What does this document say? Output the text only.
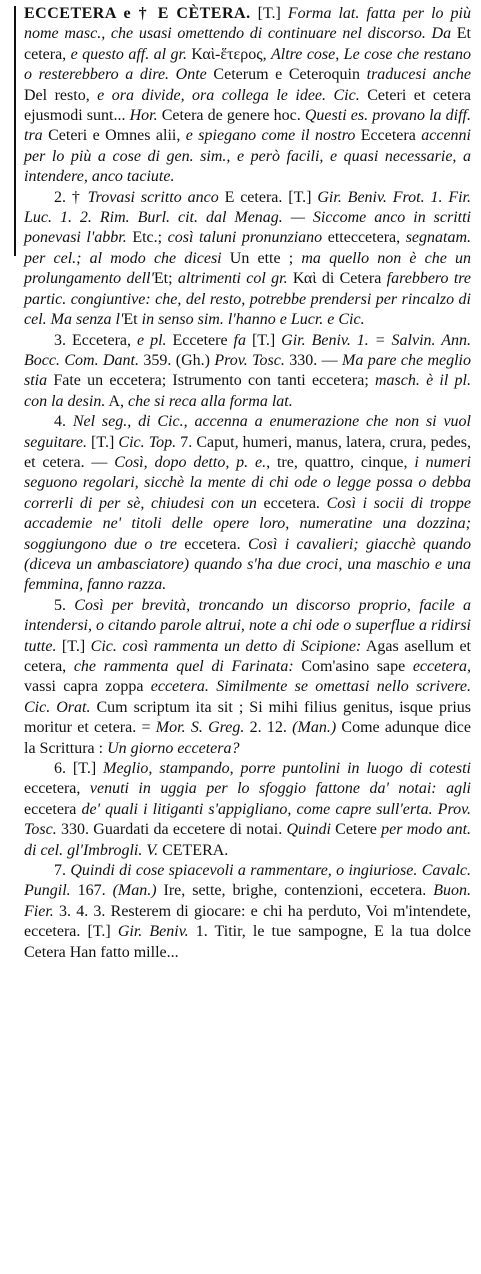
ECCETERA e † E CÈTERA. [T.] Forma lat. fatta per lo più nome masc., che usasi omettendo di continuare nel discorso. Da Et cetera, e questo aff. al gr. Καὶ-ἕτερος, Altre cose, Le cose che restano o resterebbero a dire. Onte Ceterum e Ceteroquin traducesi anche Del resto, e ora divide, ora collega le idee. Cic. Ceteri et cetera ejusmodi sunt... Hor. Cetera de genere hoc. Questi es. provano la diff. tra Ceteri e Omnes alii, e spiegano come il nostro Eccetera accenni per lo più a cose di gen. sim., e però facili, e quasi necessarie, a intendere, anco taciute.

2. † Trovasi scritto anco E cetera. [T.] Gir. Beniv. Frot. 1. Fir. Luc. 1. 2. Rim. Burl. cit. dal Menag. — Siccome anco in scritti ponevasi l'abbr. Etc.; così taluni pronunziano etteccetera, segnatam. per cel.; al modo che dicesi Un ette ; ma quello non è che un prolungamento dell'Et; altrimenti col gr. Καὶ di Cetera farebbero tre partic. congiuntive: che, del resto, potrebbe prendersi per rincalzo di cel. Ma senza l'Et in senso sim. l'hanno e Lucr. e Cic.

3. Eccetera, e pl. Eccetere fa [T.] Gir. Beniv. 1. = Salvin. Ann. Bocc. Com. Dant. 359. (Gh.) Prov. Tosc. 330. — Ma pare che meglio stia Fate un eccetera; Istrumento con tanti eccetera; masch. è il pl. con la desin. A, che si reca alla forma lat.

4. Nel seg., di Cic., accenna a enumerazione che non si vuol seguitare. [T.] Cic. Top. 7. Caput, humeri, manus, latera, crura, pedes, et cetera. — Così, dopo detto, p. e., tre, quattro, cinque, i numeri seguono regolari, sicchè la mente di chi ode o legge possa o debba correrli di per sè, chiudesi con un eccetera. Così i socii di troppe accademie ne' titoli delle opere loro, numeratine una dozzina; soggiungono due o tre eccetera. Così i cavalieri; giacchè quando (diceva un ambasciatore) quando s'ha due croci, una maschio e una femmina, fanno razza.

5. Così per brevità, troncando un discorso proprio, facile a intendersi, o citando parole altrui, note a chi ode o superflue a ridirsi tutte. [T.] Cic. così rammenta un detto di Scipione: Agas asellum et cetera, che rammenta quel di Farinata: Com'asino sape eccetera, vassi capra zoppa eccetera. Similmente se omettasi nello scrivere. Cic. Orat. Cum scriptum ita sit ; Si mihi filius genitus, isque prius moritur et cetera. = Mor. S. Greg. 2. 12. (Man.) Come adunque dice la Scrittura : Un giorno eccetera?

6. [T.] Meglio, stampando, porre puntolini in luogo di cotesti eccetera, venuti in uggia per lo sfoggio fattone da' notai: agli eccetera de' quali i litiganti s'appigliano, come capre sull'erta. Prov. Tosc. 330. Guardati da eccetere di notai. Quindi Cetere per modo ant. di cel. gl'Imbrogli. V. CETERA.

7. Quindi di cose spiacevoli a rammentare, o ingiuriose. Cavalc. Pungil. 167. (Man.) Ire, sette, brighe, contenzioni, eccetera. Buon. Fier. 3. 4. 3. Resterem di giocare: e chi ha perduto, Voi m'intendete, eccetera. [T.] Gir. Beniv. 1. Titir, le tue sampogne, E la tua dolce Cetera Han fatto mille...
